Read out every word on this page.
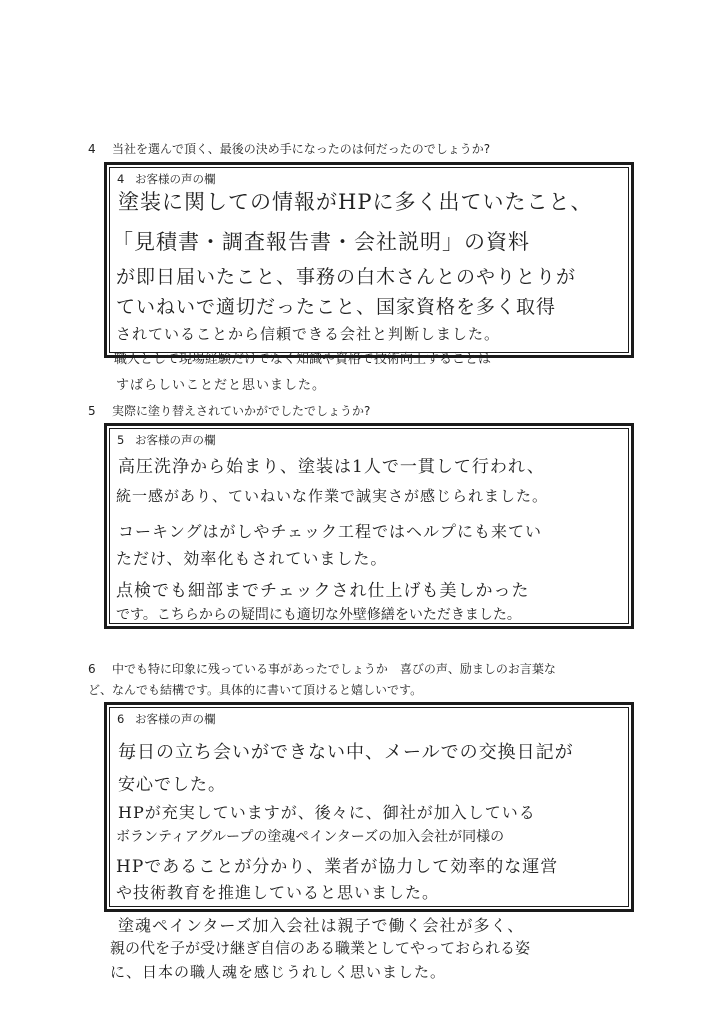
4 当社を選んで頂く、最後の決め手になったのは何だったのでしょうか?
4 お客様の声の欄
塗装に関しての情報がHPに多く出ていたこと、
「見積書・調査報告書・会社説明」の資料
が即日届いたこと、事務の白木さんとのやりとりが
ていねいで適切だったこと、国家資格を多く取得
されていることから信頼できる会社と判断しました。
職人として現場経験だけでなく知識や資格で技術向上することは
すばらしいことだと思いました。
5 実際に塗り替えされていかがでしたでしょうか?
5 お客様の声の欄
高圧洗浄から始まり、塗装は1人で一貫して行われ、
統一感があり、ていねいな作業で誠実さが感じられました。
コーキングはがしやチェック工程ではヘルプにも来てい
ただけ、効率化もされていました。
点検でも細部までチェックされ仕上げも美しかった
です。こちらからの疑問にも適切な外壁修繕をいただきました。
6 中でも特に印象に残っている事があったでしょうか　喜びの声、励ましのお言葉な
ど、なんでも結構です。具体的に書いて頂けると嬉しいです。
6 お客様の声の欄
毎日の立ち会いができない中、メールでの交換日記が
安心でした。
HPが充実していますが、後々に、御社が加入している
ボランティアグループの塗魂ペインターズの加入会社が同様の
HPであることが分かり、業者が協力して効率的な運営
や技術教育を推進していると思いました。
塗魂ペインターズ加入会社は親子で働く会社が多く、
親の代を子が受け継ぎ自信のある職業としてやっておられる姿
に、日本の職人魂を感じうれしく思いました。
